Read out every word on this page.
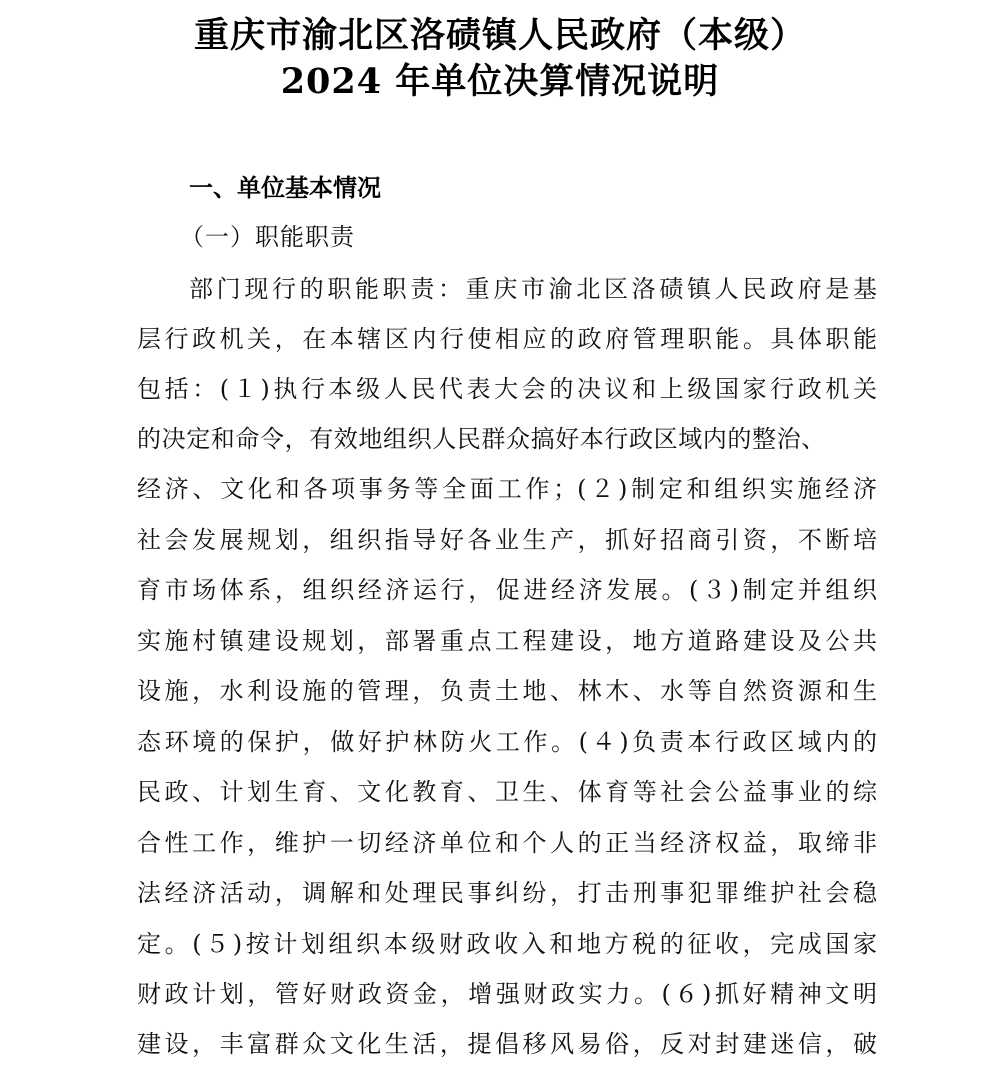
重庆市渝北区洛碛镇人民政府（本级）
2024 年单位决算情况说明
一、单位基本情况
（一）职能职责
部门现行的职能职责：重庆市渝北区洛碛镇人民政府是基
层行政机关，在本辖区内行使相应的政府管理职能。具体职能
包括：(１)执行本级人民代表大会的决议和上级国家行政机关
的决定和命令，有效地组织人民群众搞好本行政区域内的整治、
经济、文化和各项事务等全面工作；(２)制定和组织实施经济
社会发展规划，组织指导好各业生产，抓好招商引资，不断培
育市场体系，组织经济运行，促进经济发展。(３)制定并组织
实施村镇建设规划，部署重点工程建设，地方道路建设及公共
设施，水利设施的管理，负责土地、林木、水等自然资源和生
态环境的保护，做好护林防火工作。(４)负责本行政区域内的
民政、计划生育、文化教育、卫生、体育等社会公益事业的综
合性工作，维护一切经济单位和个人的正当经济权益，取缔非
法经济活动，调解和处理民事纠纷，打击刑事犯罪维护社会稳
定。(５)按计划组织本级财政收入和地方税的征收，完成国家
财政计划，管好财政资金，增强财政实力。(６)抓好精神文明
建设，丰富群众文化生活，提倡移风易俗，反对封建迷信，破
